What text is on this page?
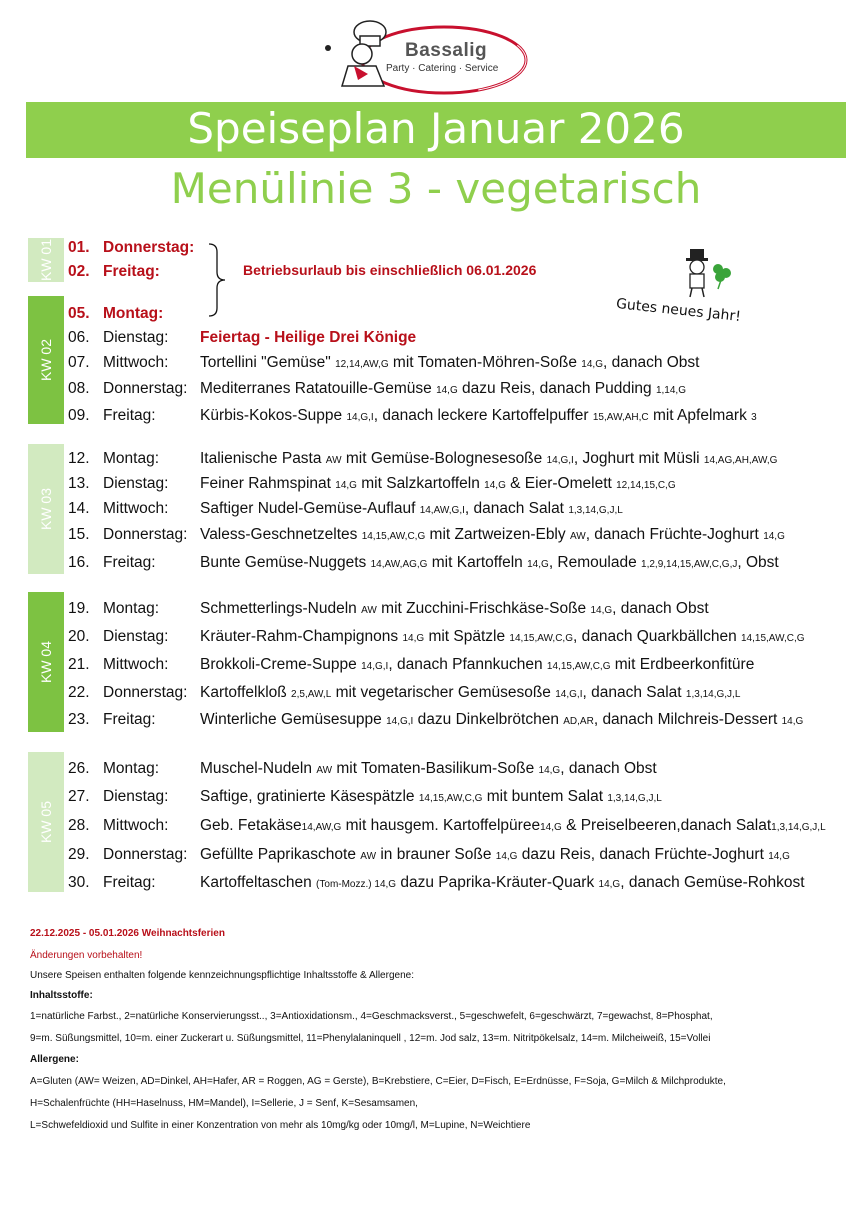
Bassalig
Party · Catering · Service
Speiseplan Januar 2026
Menülinie 3 - vegetarisch
KW 01
KW 02
KW 03
KW 04
KW 05
01. Donnerstag:
02. Freitag:
05. Montag:
06. Dienstag: Feiertag - Heilige Drei Könige
07. Mittwoch: Tortellini "Gemüse" 12,14,AW,G mit Tomaten-Möhren-Soße 14,G, danach Obst
08. Donnerstag: Mediterranes Ratatouille-Gemüse 14,G dazu Reis, danach Pudding 1,14,G
09. Freitag:	Kürbis-Kokos-Suppe 14,G,I, danach leckere Kartoffelpuffer 15,AW,AH,C mit Apfelmark 3
12. Montag:	Italienische Pasta AW mit Gemüse-Bolognesesoße 14,G,I, Joghurt mit Müsli 14,AG,AH,AW,G
13. Dienstag: Feiner Rahmspinat 14,G mit Salzkartoffeln 14,G & Eier-Omelett 12,14,15,C,G
14. Mittwoch: Saftiger Nudel-Gemüse-Auflauf 14,AW,G,I, danach Salat 1,3,14,G,J,L
15. Donnerstag: Valess-Geschnetzeltes 14,15,AW,C,G mit Zartweizen-Ebly AW, danach Früchte-Joghurt 14,G
16. Freitag:	Bunte Gemüse-Nuggets 14,AW,AG,G mit Kartoffeln 14,G, Remoulade 1,2,9,14,15,AW,C,G,J, Obst
19. Montag:	Schmetterlings-Nudeln AW mit Zucchini-Frischkäse-Soße 14,G, danach Obst
20. Dienstag: Kräuter-Rahm-Champignons 14,G mit Spätzle 14,15,AW,C,G, danach Quarkbällchen 14,15,AW,C,G
21. Mittwoch: Brokkoli-Creme-Suppe 14,G,I, danach Pfannkuchen 14,15,AW,C,G mit Erdbeerkonfitüre
22. Donnerstag: Kartoffelkloß 2,5,AW,L mit vegetarischer Gemüsesoße 14,G,I, danach Salat 1,3,14,G,J,L
23. Freitag:	Winterliche Gemüsesuppe 14,G,I dazu Dinkelbrötchen AD,AR, danach Milchreis-Dessert 14,G
26. Montag:	Muschel-Nudeln AW mit Tomaten-Basilikum-Soße 14,G, danach Obst
27. Dienstag: Saftige, gratinierte Käsespätzle 14,15,AW,C,G mit buntem Salat 1,3,14,G,J,L
28. Mittwoch: Geb. Fetakäse14,AW,G mit hausgem. Kartoffelpüree14,G & Preiselbeeren,danach Salat1,3,14,G,J,L
29. Donnerstag: Gefüllte Paprikaschote AW in brauner Soße 14,G dazu Reis, danach Früchte-Joghurt 14,G
30. Freitag:	Kartoffeltaschen (Tom-Mozz.) 14,G dazu Paprika-Kräuter-Quark 14,G, danach Gemüse-Rohkost
Betriebsurlaub bis einschließlich 06.01.2026
Gutes neues Jahr!
22.12.2025 - 05.01.2026 Weihnachtsferien
Änderungen vorbehalten!
Unsere Speisen enthalten folgende kennzeichnungspflichtige Inhaltsstoffe & Allergene:
Inhaltsstoffe:
1=natürliche Farbst., 2=natürliche Konservierungsst.., 3=Antioxidationsm., 4=Geschmacksverst., 5=geschwefelt, 6=geschwärzt, 7=gewachst, 8=Phosphat,
9=m. Süßungsmittel, 10=m. einer Zuckerart u. Süßungsmittel, 11=Phenylalaninquell , 12=m. Jod salz, 13=m. Nitritpökelsalz, 14=m. Milcheiweiß, 15=Vollei
Allergene:
A=Gluten (AW= Weizen, AD=Dinkel, AH=Hafer, AR = Roggen, AG = Gerste), B=Krebstiere, C=Eier, D=Fisch, E=Erdnüsse, F=Soja, G=Milch & Milchprodukte,
H=Schalenfrüchte (HH=Haselnuss, HM=Mandel), I=Sellerie, J = Senf, K=Sesamsamen,
L=Schwefeldioxid und Sulfite in einer Konzentration von mehr als 10mg/kg oder 10mg/l, M=Lupine, N=Weichtiere
